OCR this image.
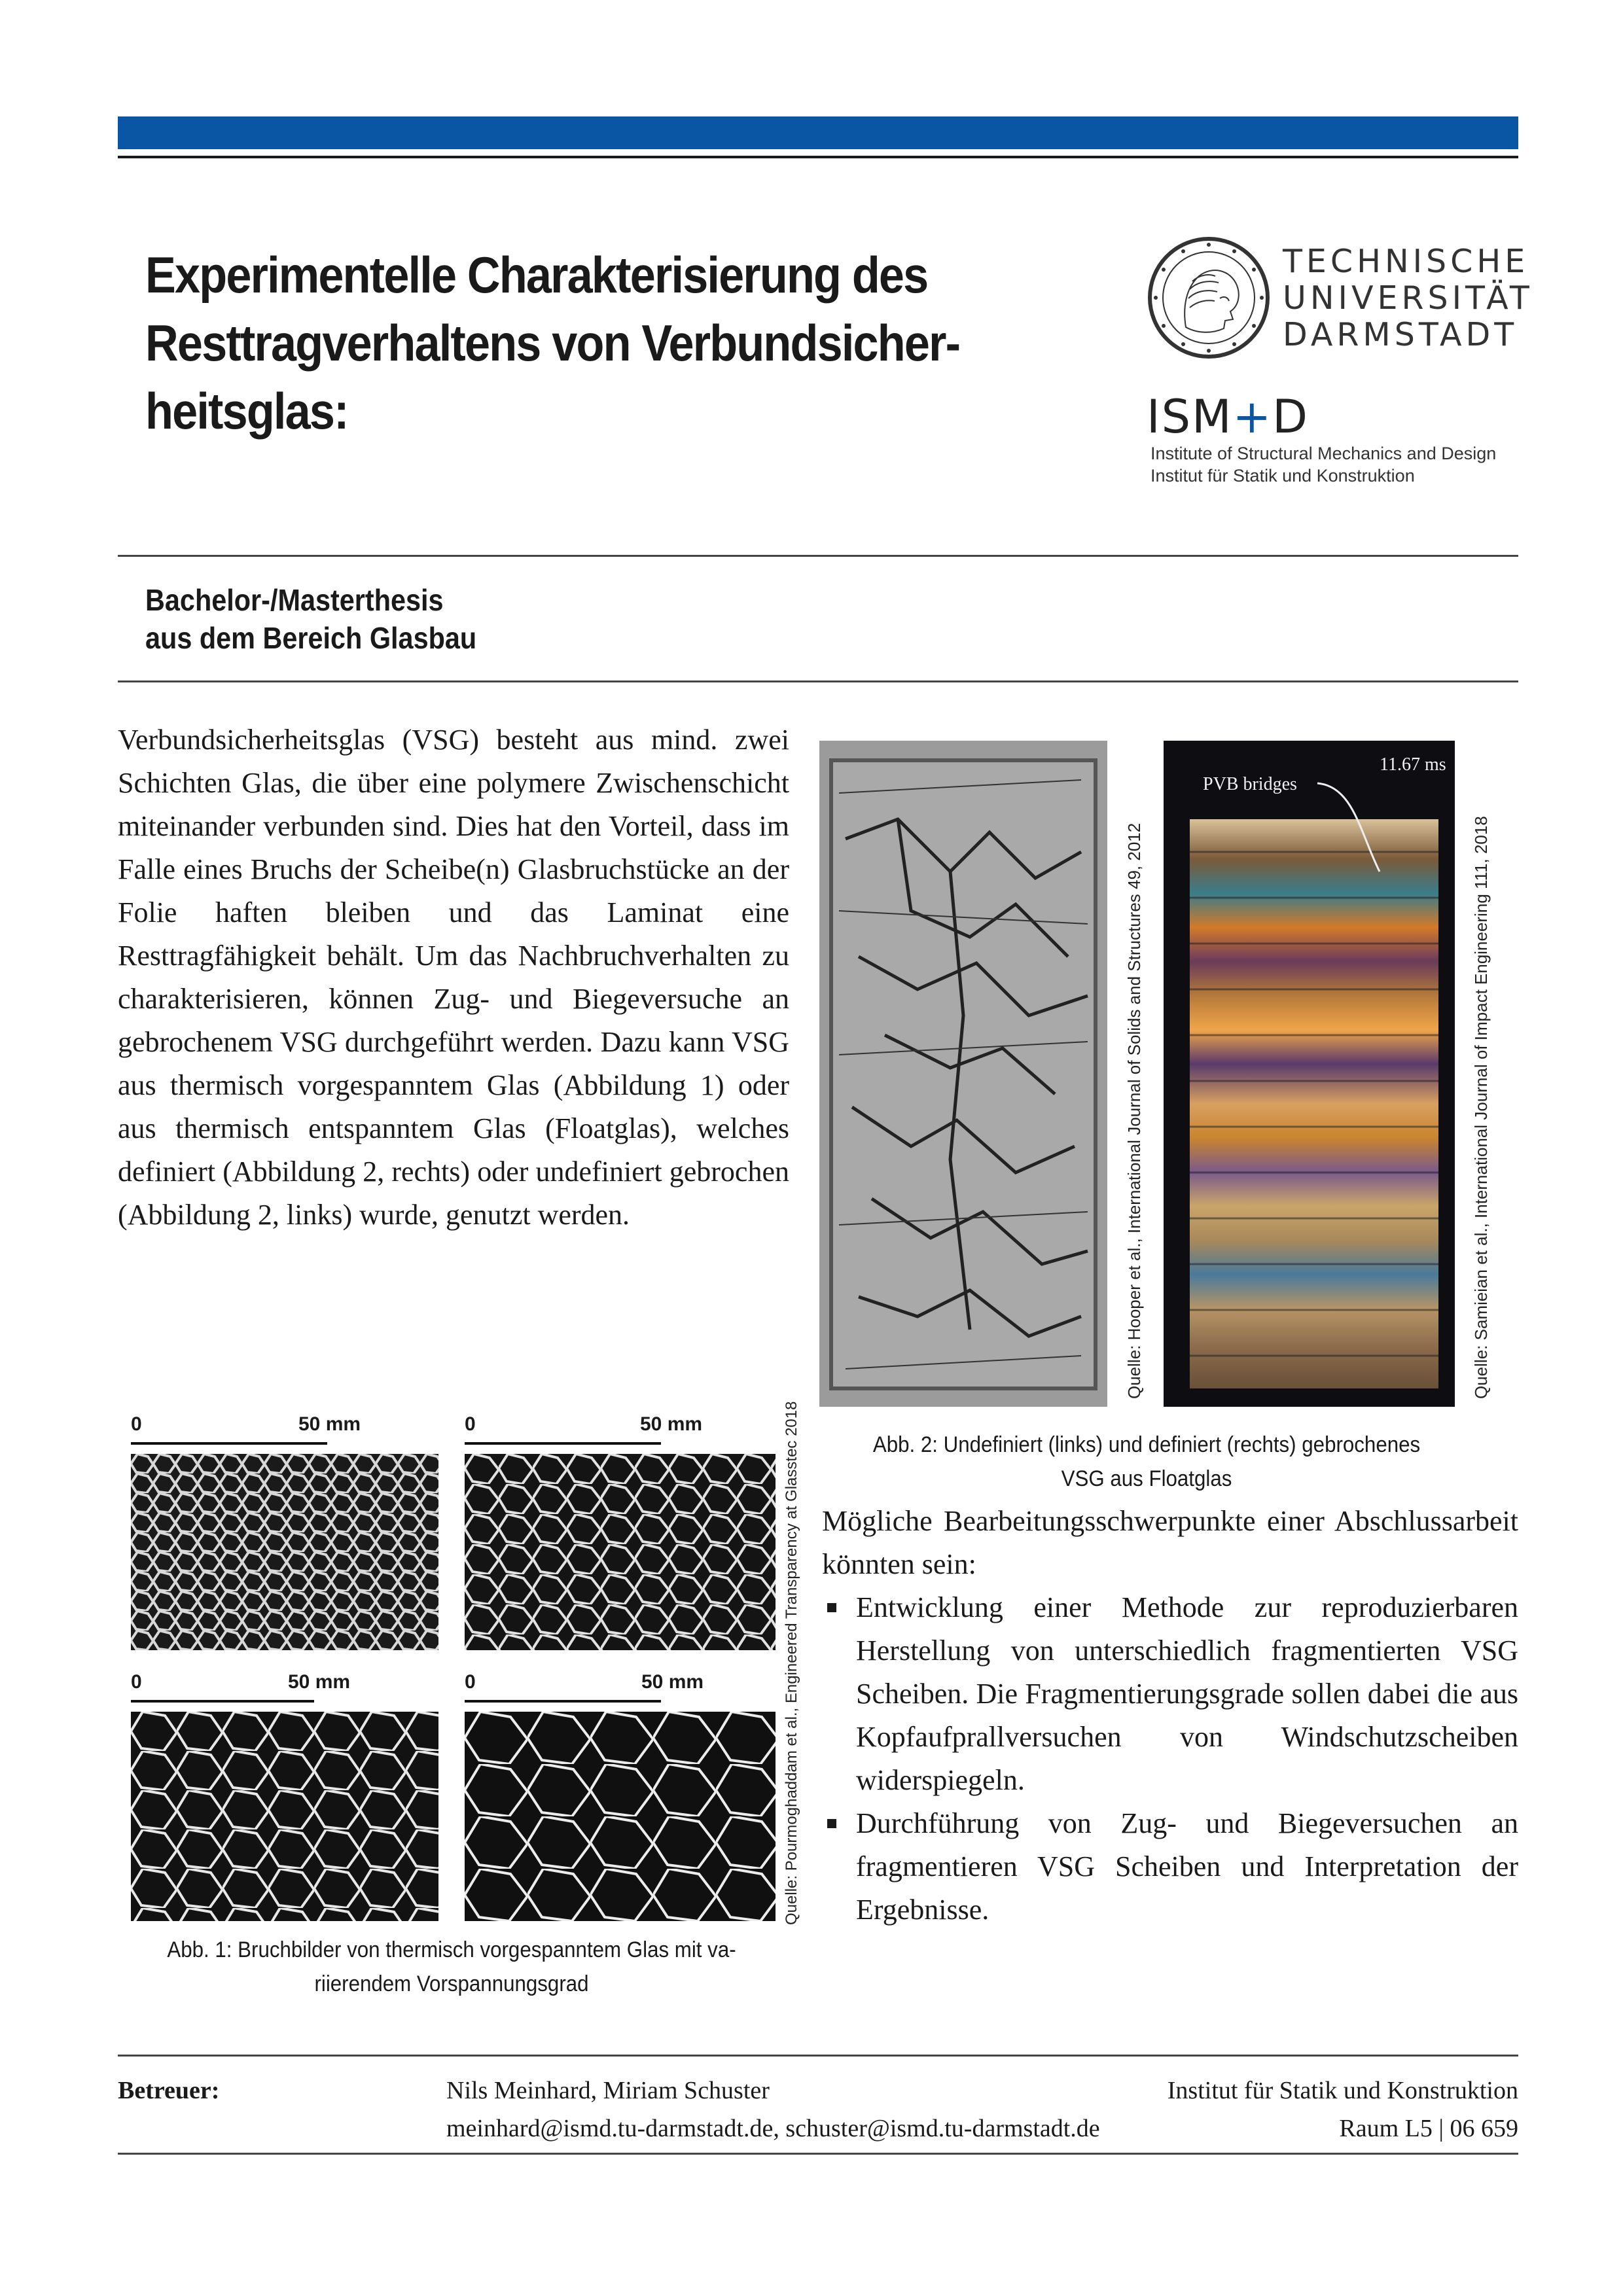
Experimentelle Charakterisierung des
Resttragverhaltens von Verbundsicher-
heitsglas:
TECHNISCHE
UNIVERSITÄT
DARMSTADT
ISM+D
Institute of Structural Mechanics and Design
Institut für Statik und Konstruktion
Bachelor-/Masterthesis
aus dem Bereich Glasbau
Verbundsicherheitsglas (VSG) besteht aus mind. zwei Schichten Glas, die über eine polymere Zwischenschicht miteinander verbunden sind. Dies hat den Vorteil, dass im Falle eines Bruchs der Scheibe(n) Glasbruchstücke an der Folie haften bleiben und das Laminat eine Resttragfähigkeit behält. Um das Nachbruchverhalten zu charakterisieren, können Zug- und Biegeversuche an gebrochenem VSG durchgeführt werden. Dazu kann VSG aus thermisch vorgespanntem Glas (Abbildung 1) oder aus thermisch entspanntem Glas (Floatglas), welches definiert (Abbildung 2, rechts) oder undefiniert gebrochen (Abbildung 2, links) wurde, genutzt werden.	Quelle: Hooper et al., International Journal of Solids and Structures 49, 2012
11.67 ms
PVB bridges
Quelle: Samieian et al., International Journal of Impact Engineering 111, 2018
Abb. 2: Undefiniert (links) und definiert (rechts) gebrochenes
VSG aus Floatglas
0	50 mm	0	50 mm
0	50 mm	0	50 mm	Quelle: Pourmoghaddam et al., Engineered Transparency at Glasstec 2018
Abb. 1: Bruchbilder von thermisch vorgespanntem Glas mit va-
riierendem Vorspannungsgrad
Mögliche Bearbeitungsschwerpunkte einer Abschlussarbeit könnten sein:
Entwicklung einer Methode zur reproduzierbaren Herstellung von unterschiedlich fragmentierten VSG Scheiben. Die Fragmentierungsgrade sollen dabei die aus Kopfaufprallversuchen von Windschutzscheiben widerspiegeln.
Durchführung von Zug- und Biegeversuchen an fragmentieren VSG Scheiben und Interpretation der Ergebnisse.
Betreuer:	Nils Meinhard, Miriam Schuster
meinhard@ismd.tu-darmstadt.de, schuster@ismd.tu-darmstadt.de
Institut für Statik und Konstruktion
Raum L5 | 06 659
